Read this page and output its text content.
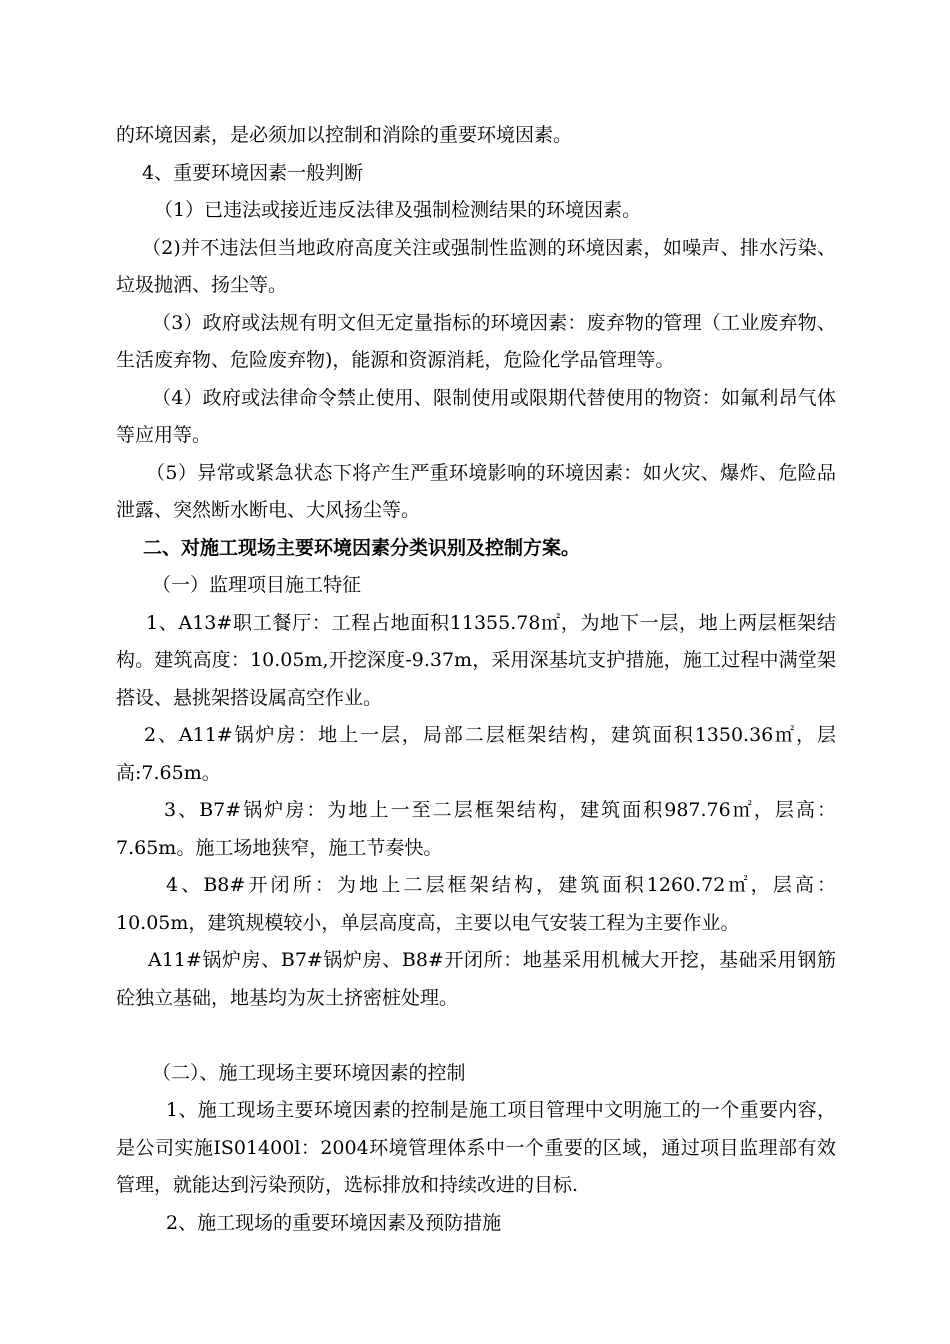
的环境因素，是必须加以控制和消除的重要环境因素。

4、重要环境因素一般判断

（1）已违法或接近违反法律及强制检测结果的环境因素。

（2)并不违法但当地政府高度关注或强制性监测的环境因素，如噪声、排水污染、垃圾抛洒、扬尘等。

（3）政府或法规有明文但无定量指标的环境因素：废弃物的管理（工业废弃物、生活废弃物、危险废弃物)，能源和资源消耗，危险化学品管理等。

（4）政府或法律命令禁止使用、限制使用或限期代替使用的物资：如氟利昂气体等应用等。

（5）异常或紧急状态下将产生严重环境影响的环境因素：如火灾、爆炸、危险品泄露、突然断水断电、大风扬尘等。

二、对施工现场主要环境因素分类识别及控制方案。

（一）监理项目施工特征

1、A13#职工餐厅：工程占地面积11355.78㎡，为地下一层，地上两层框架结构。建筑高度：10.05m,开挖深度-9.37m，采用深基坑支护措施，施工过程中满堂架搭设、悬挑架搭设属高空作业。

2、A11#锅炉房：地上一层，局部二层框架结构，建筑面积1350.36㎡，层高:7.65m。

3、B7#锅炉房：为地上一至二层框架结构，建筑面积987.76㎡，层高：7.65m。施工场地狭窄，施工节奏快。

4、B8#开闭所：为地上二层框架结构，建筑面积1260.72㎡，层高：10.05m，建筑规模较小，单层高度高，主要以电气安装工程为主要作业。

A11#锅炉房、B7#锅炉房、B8#开闭所：地基采用机械大开挖，基础采用钢筋砼独立基础，地基均为灰土挤密桩处理。

（二）、施工现场主要环境因素的控制

1、施工现场主要环境因素的控制是施工项目管理中文明施工的一个重要内容，是公司实施IS01400l：2004环境管理体系中一个重要的区域，通过项目监理部有效管理，就能达到污染预防，选标排放和持续改进的目标.

2、施工现场的重要环境因素及预防措施
